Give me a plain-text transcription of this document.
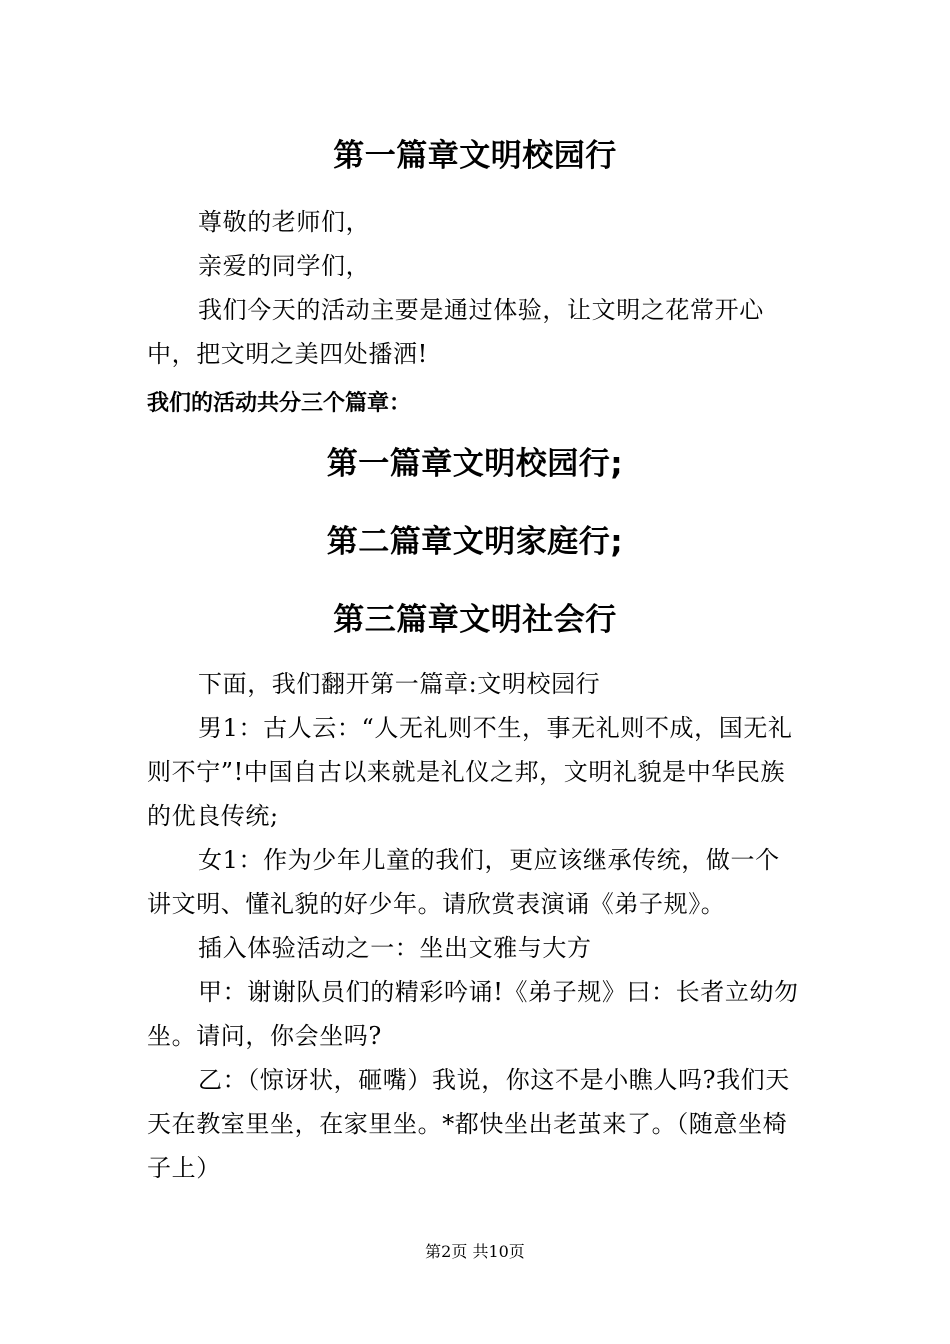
第一篇章文明校园行
尊敬的老师们，
亲爱的同学们，
我们今天的活动主要是通过体验，让文明之花常开心中，把文明之美四处播洒!
我们的活动共分三个篇章：
第一篇章文明校园行;
第二篇章文明家庭行;
第三篇章文明社会行
下面，我们翻开第一篇章:文明校园行
男1：古人云：“人无礼则不生，事无礼则不成，国无礼则不宁”!中国自古以来就是礼仪之邦，文明礼貌是中华民族的优良传统;
女1：作为少年儿童的我们，更应该继承传统，做一个讲文明、懂礼貌的好少年。请欣赏表演诵《弟子规》。
插入体验活动之一：坐出文雅与大方
甲：谢谢队员们的精彩吟诵!《弟子规》曰：长者立幼勿坐。请问，你会坐吗?
乙：（惊讶状，砸嘴）我说，你这不是小瞧人吗?我们天天在教室里坐，在家里坐。*都快坐出老茧来了。（随意坐椅子上）
第2页 共10页
